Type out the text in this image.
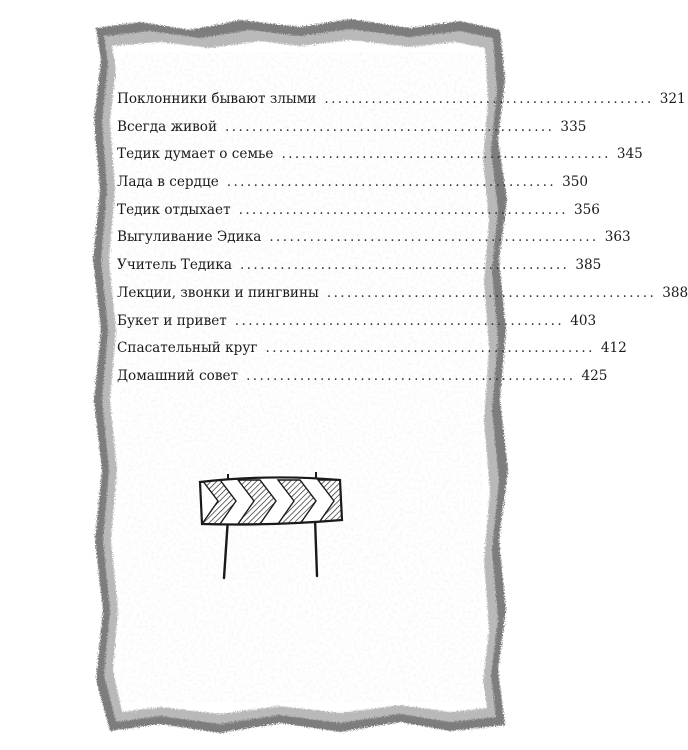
Поклонники бывают злыми ................................................. 321
Всегда живой ................................................. 335
Тедик думает о семье ................................................. 345
Лада в сердце ................................................. 350
Тедик отдыхает ................................................. 356
Выгуливание Эдика ................................................. 363
Учитель Тедика ................................................. 385
Лекции, звонки и пингвины ................................................. 388
Букет и привет ................................................. 403
Спасательный круг ................................................. 412
Домашний совет ................................................. 425
